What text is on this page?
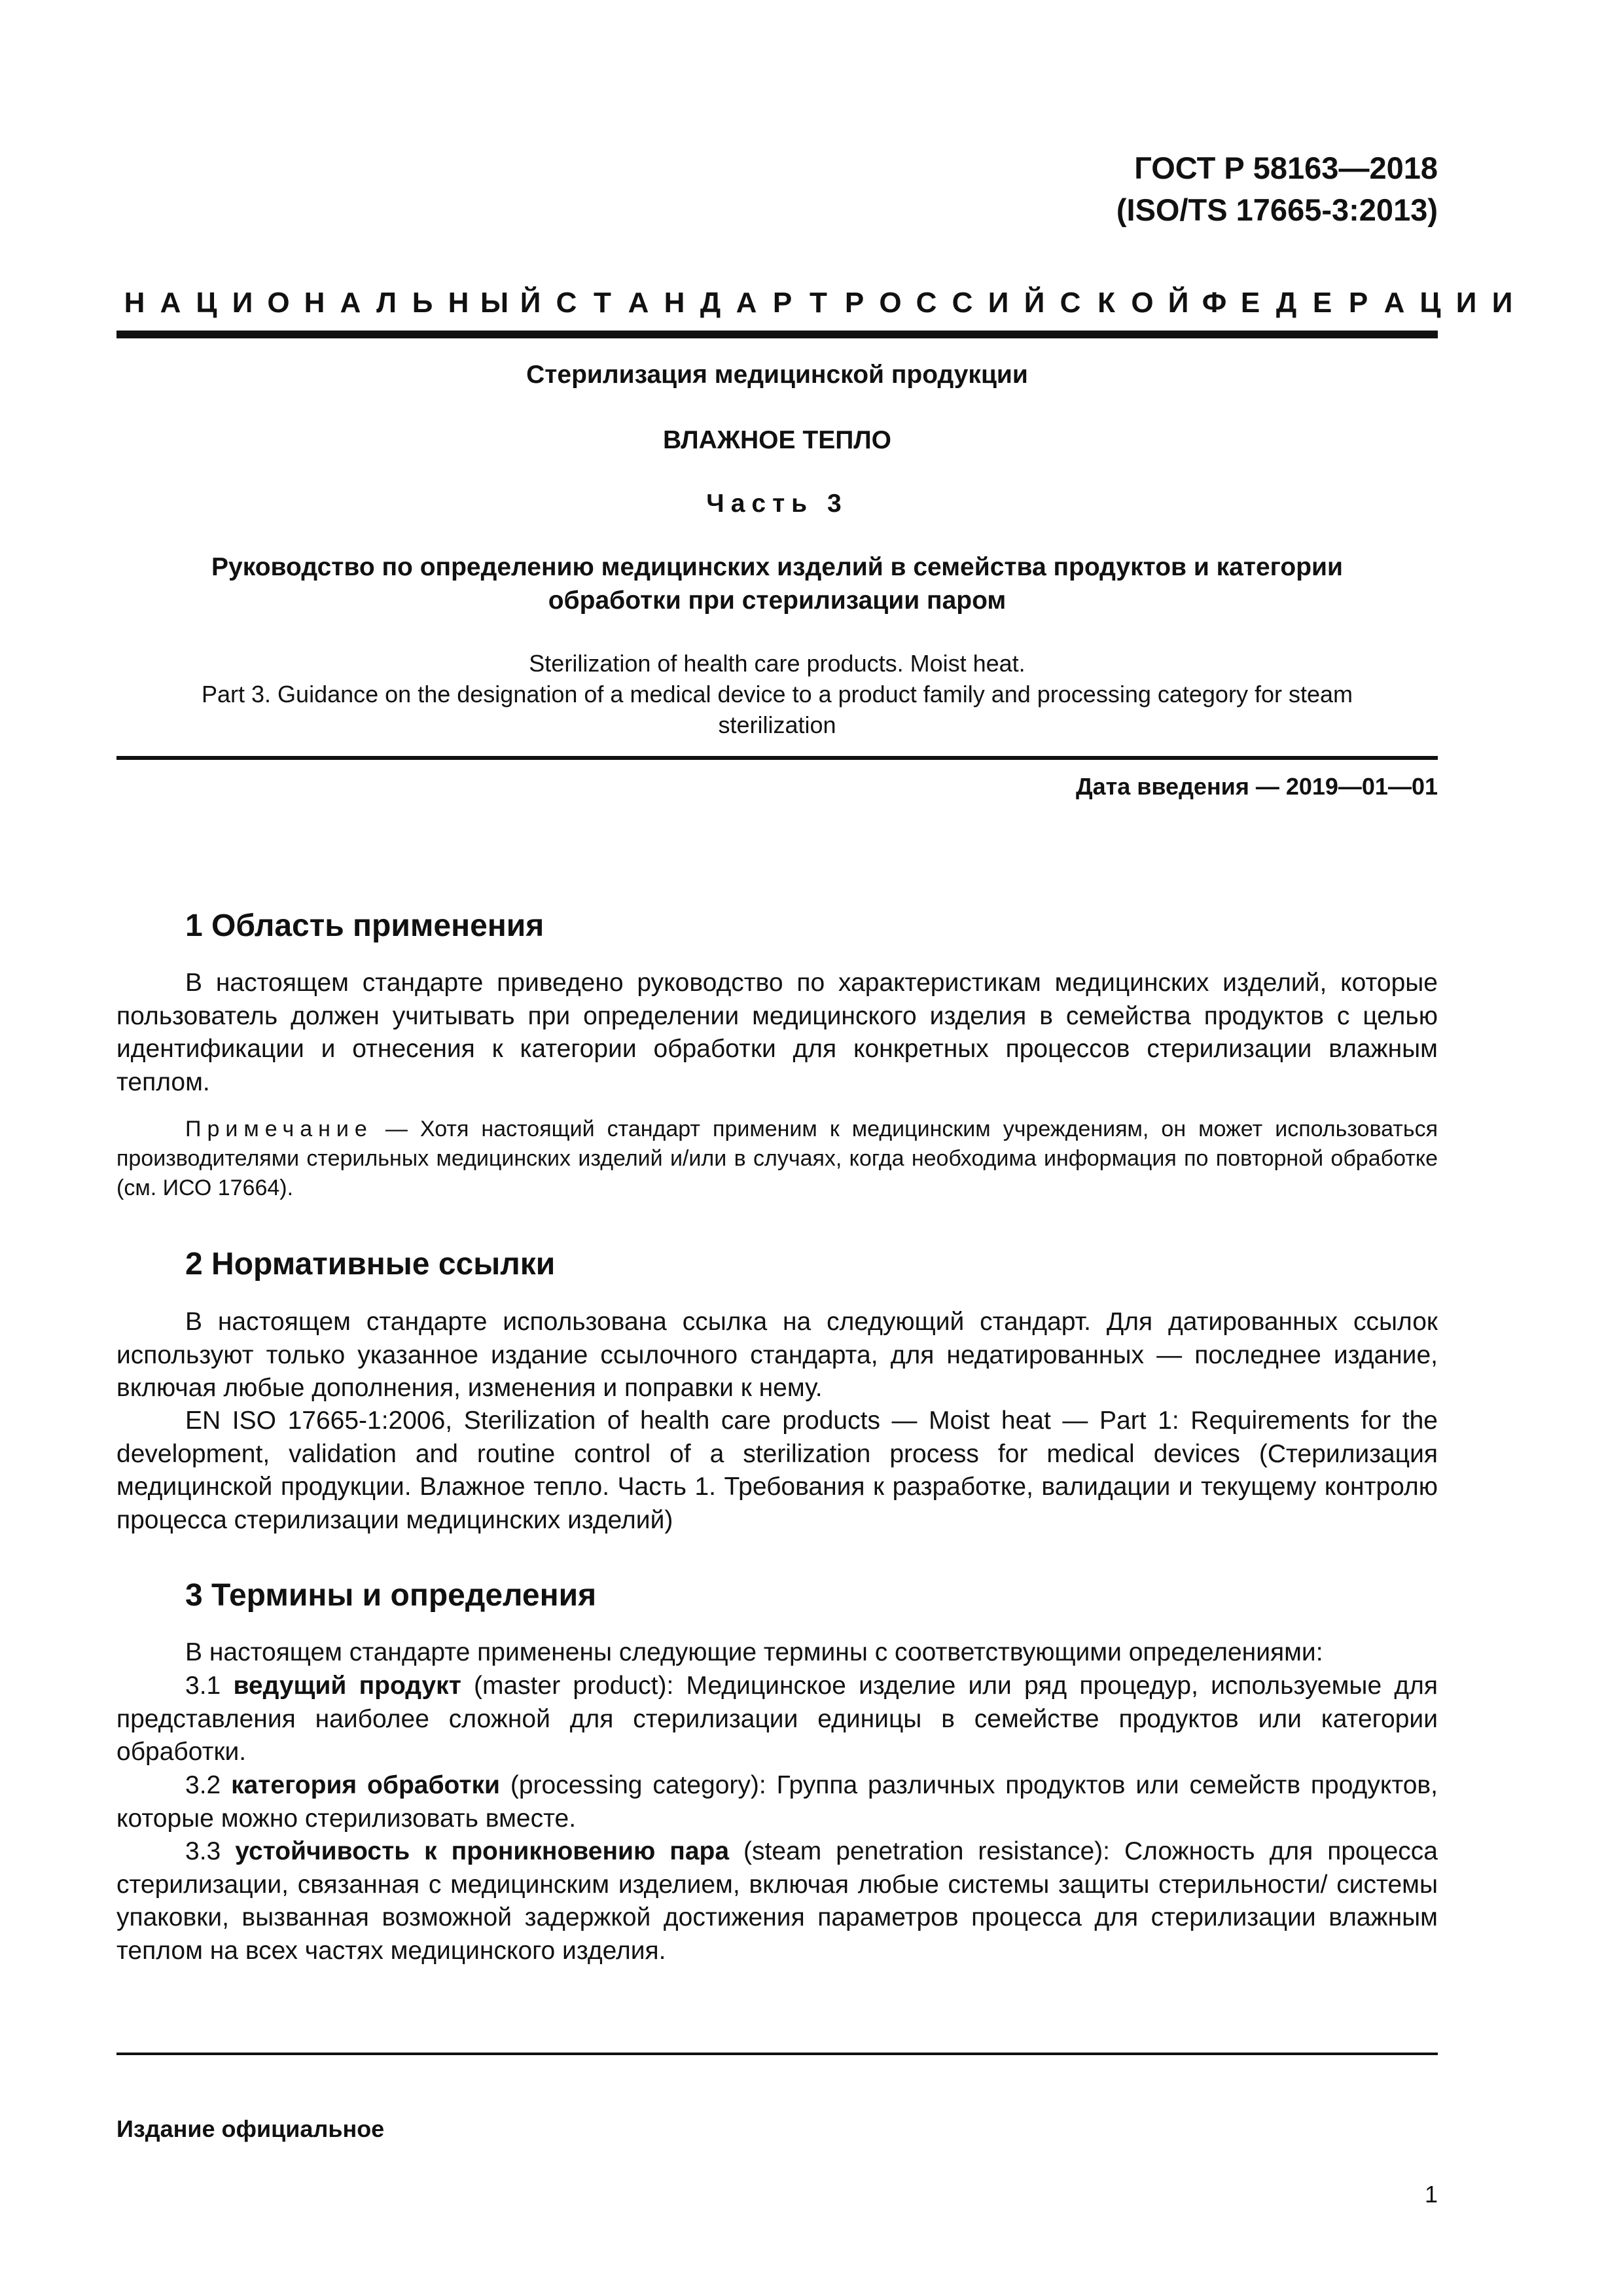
ГОСТ Р 58163—2018
(ISO/TS 17665-3:2013)
Н А Ц И О Н А Л Ь Н Ы Й С Т А Н Д А Р Т Р О С С И Й С К О Й Ф Е Д Е Р А Ц И И
Стерилизация медицинской продукции
ВЛАЖНОЕ ТЕПЛО
Часть 3
Руководство по определению медицинских изделий в семейства продуктов и категории
обработки при стерилизации паром
Sterilization of health care products. Moist heat.
Part 3. Guidance on the designation of a medical device to a product family and processing category for steam
sterilization
Дата введения — 2019—01—01
1 Область применения

В настоящем стандарте приведено руководство по характеристикам медицинских изделий, которые пользователь должен учитывать при определении медицинского изделия в семейства продуктов с целью идентификации и отнесения к категории обработки для конкретных процессов стерилизации влажным теплом.

Примечание — Хотя настоящий стандарт применим к медицинским учреждениям, он может использоваться производителями стерильных медицинских изделий и/или в случаях, когда необходима информация по повторной обработке (см. ИСО 17664).

2 Нормативные ссылки

В настоящем стандарте использована ссылка на следующий стандарт. Для датированных ссылок используют только указанное издание ссылочного стандарта, для недатированных — последнее издание, включая любые дополнения, изменения и поправки к нему.

EN ISO 17665-1:2006, Sterilization of health care products — Moist heat — Part 1: Requirements for the development, validation and routine control of a sterilization process for medical devices (Стерилизация медицинской продукции. Влажное тепло. Часть 1. Требования к разработке, валидации и текущему контролю процесса стерилизации медицинских изделий)

3 Термины и определения

В настоящем стандарте применены следующие термины с соответствующими определениями:

3.1 ведущий продукт (master product): Медицинское изделие или ряд процедур, используемые для представления наиболее сложной для стерилизации единицы в семействе продуктов или категории обработки.

3.2 категория обработки (processing category): Группа различных продуктов или семейств продуктов, которые можно стерилизовать вместе.

3.3 устойчивость к проникновению пара (steam penetration resistance): Сложность для процесса стерилизации, связанная с медицинским изделием, включая любые системы защиты стерильности/ системы упаковки, вызванная возможной задержкой достижения параметров процесса для стерилизации влажным теплом на всех частях медицинского изделия.

Издание официальное
1
